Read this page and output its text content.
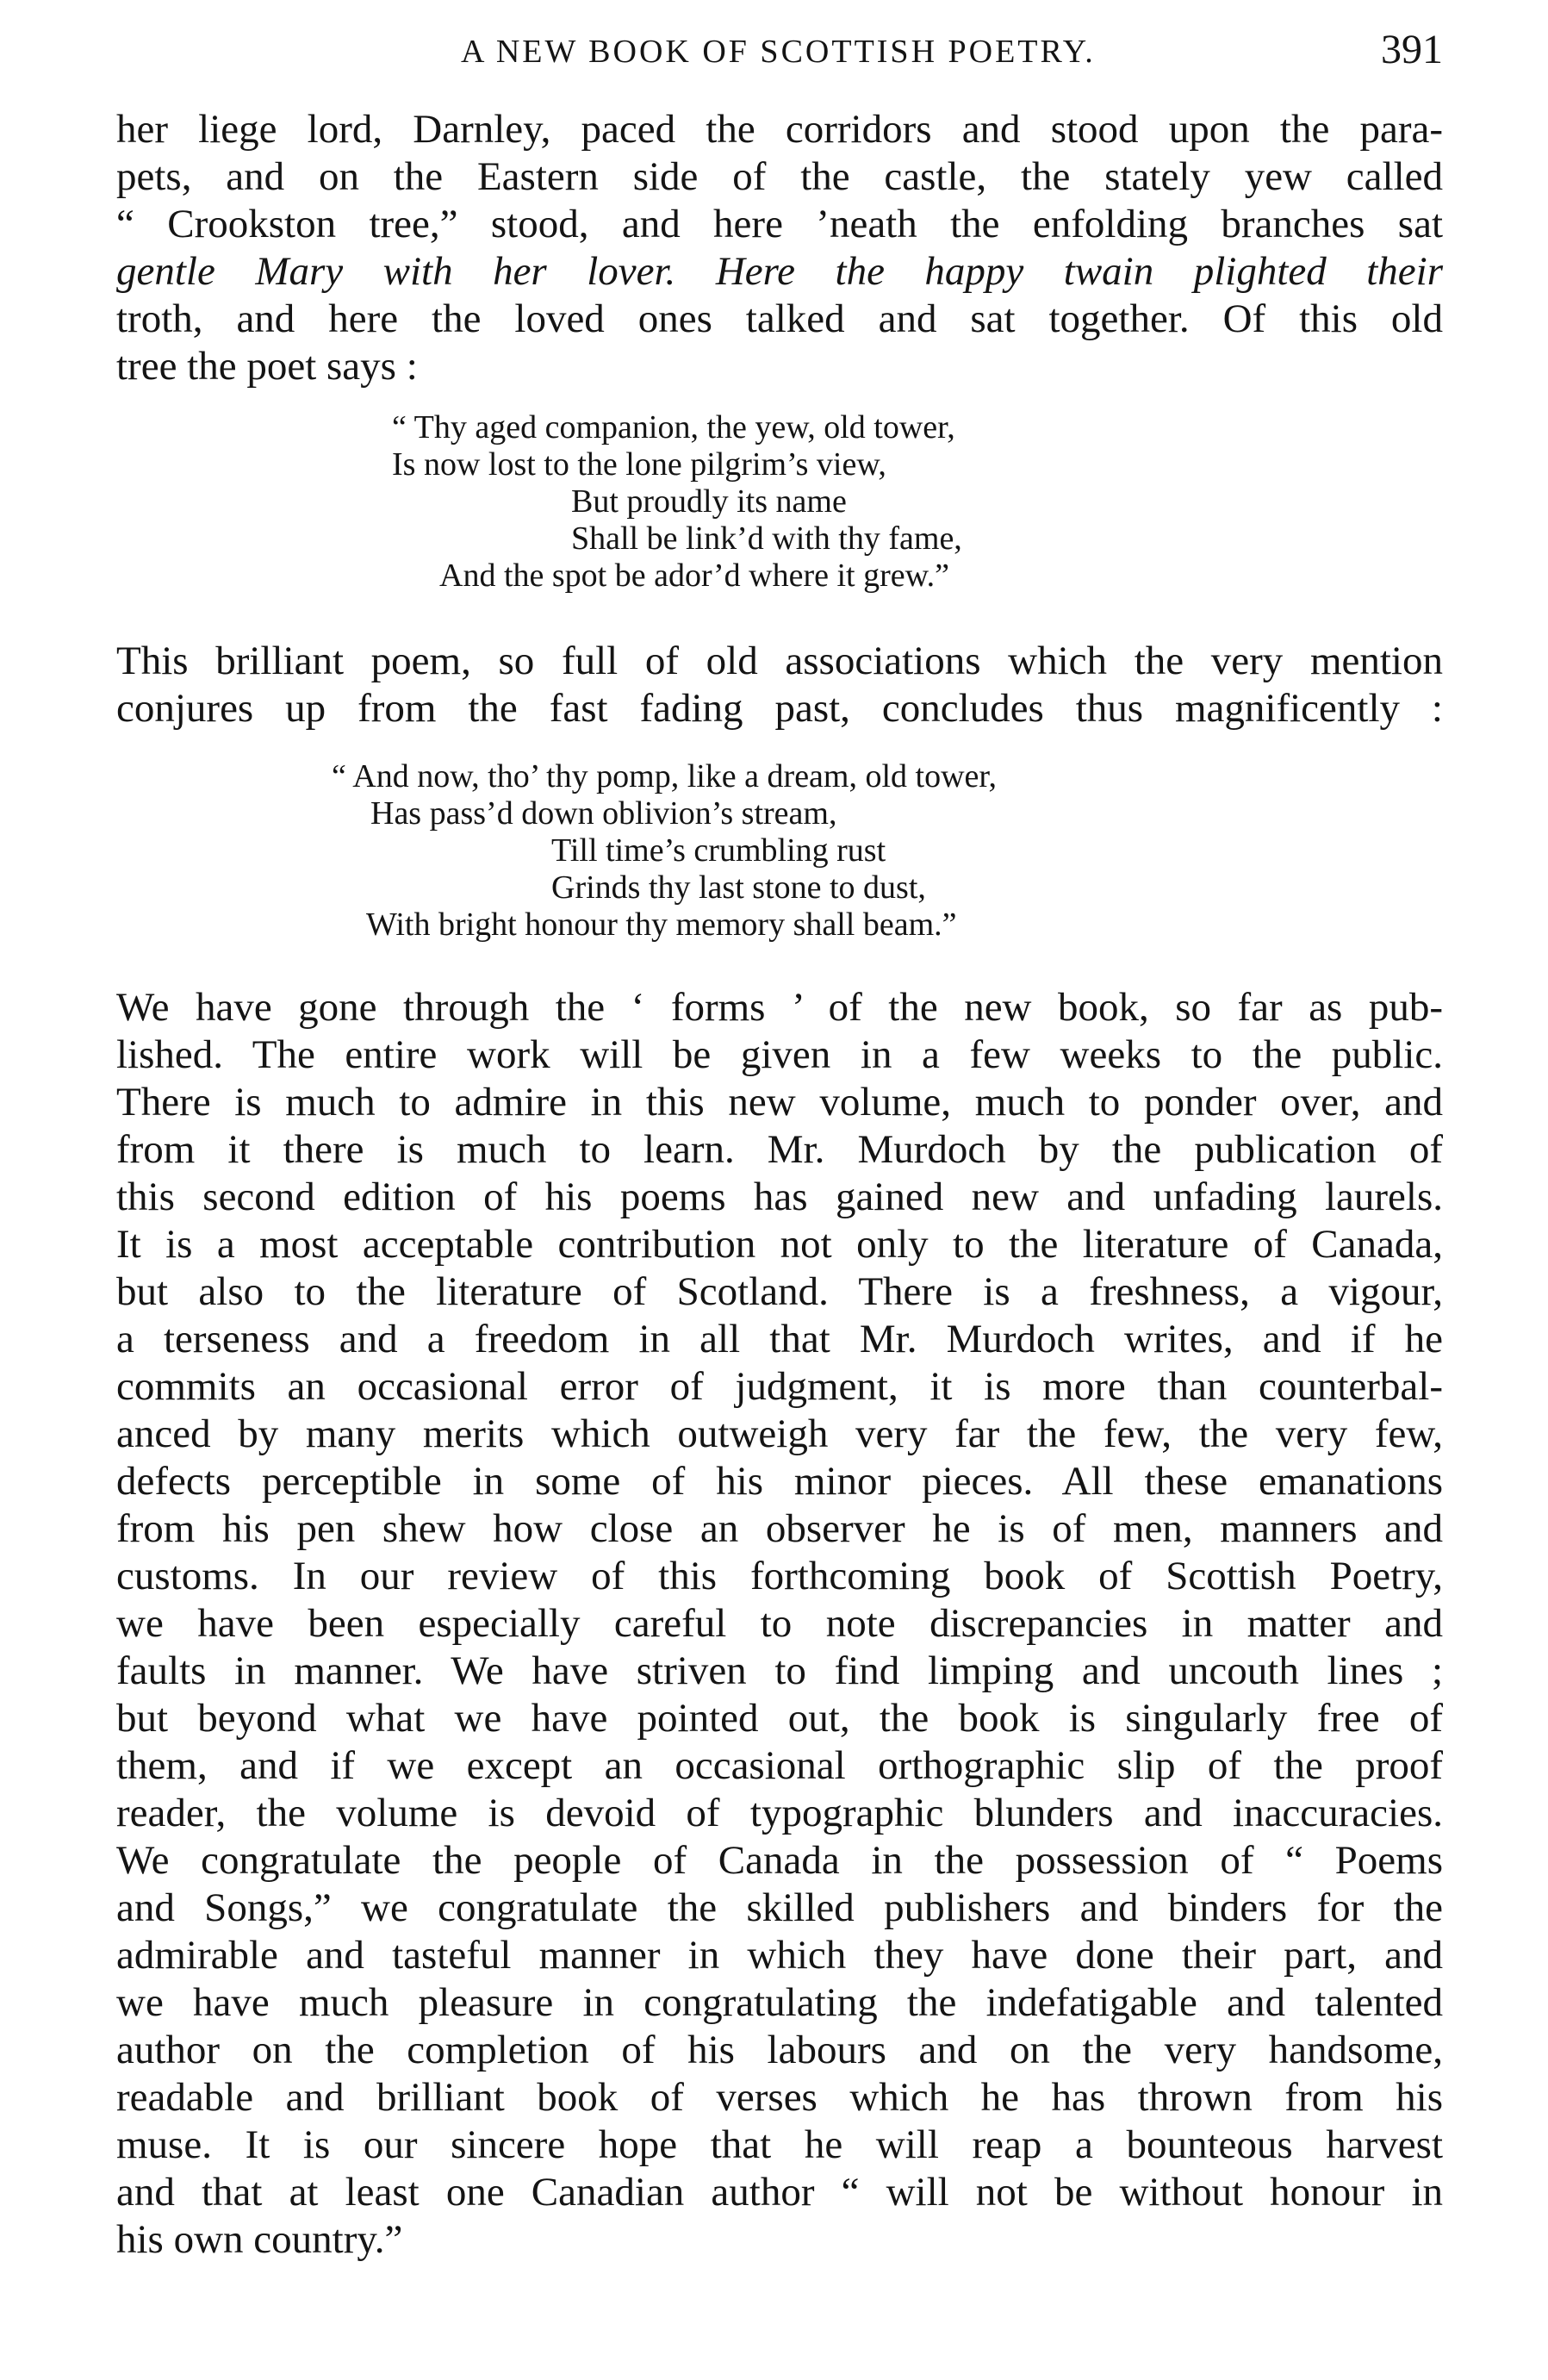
A NEW BOOK OF SCOTTISH POETRY.	391
her liege lord, Darnley, paced the corridors and stood upon the para-
pets, and on the Eastern side of the castle, the stately yew called
“ Crookston tree,” stood, and here ’neath the enfolding branches sat
gentle Mary with her lover. Here the happy twain plighted their
troth, and here the loved ones talked and sat together. Of this old
tree the poet says :
“ Thy aged companion, the yew, old tower,
Is now lost to the lone pilgrim’s view,
But proudly its name
Shall be link’d with thy fame,
And the spot be ador’d where it grew.”
This brilliant poem, so full of old associations which the very mention
conjures up from the fast fading past, concludes thus magnificently :
“ And now, tho’ thy pomp, like a dream, old tower,
Has pass’d down oblivion’s stream,
Till time’s crumbling rust
Grinds thy last stone to dust,
With bright honour thy memory shall beam.”
We have gone through the ‘ forms ’ of the new book, so far as pub-
lished. The entire work will be given in a few weeks to the public.
There is much to admire in this new volume, much to ponder over, and
from it there is much to learn. Mr. Murdoch by the publication of
this second edition of his poems has gained new and unfading laurels.
It is a most acceptable contribution not only to the literature of Canada,
but also to the literature of Scotland. There is a freshness, a vigour,
a terseness and a freedom in all that Mr. Murdoch writes, and if he
commits an occasional error of judgment, it is more than counterbal-
anced by many merits which outweigh very far the few, the very few,
defects perceptible in some of his minor pieces. All these emanations
from his pen shew how close an observer he is of men, manners and
customs. In our review of this forthcoming book of Scottish Poetry,
we have been especially careful to note discrepancies in matter and
faults in manner. We have striven to find limping and uncouth lines ;
but beyond what we have pointed out, the book is singularly free of
them, and if we except an occasional orthographic slip of the proof
reader, the volume is devoid of typographic blunders and inaccuracies.
We congratulate the people of Canada in the possession of “ Poems
and Songs,” we congratulate the skilled publishers and binders for the
admirable and tasteful manner in which they have done their part, and
we have much pleasure in congratulating the indefatigable and talented
author on the completion of his labours and on the very handsome,
readable and brilliant book of verses which he has thrown from his
muse. It is our sincere hope that he will reap a bounteous harvest
and that at least one Canadian author “ will not be without honour in
his own country.”
